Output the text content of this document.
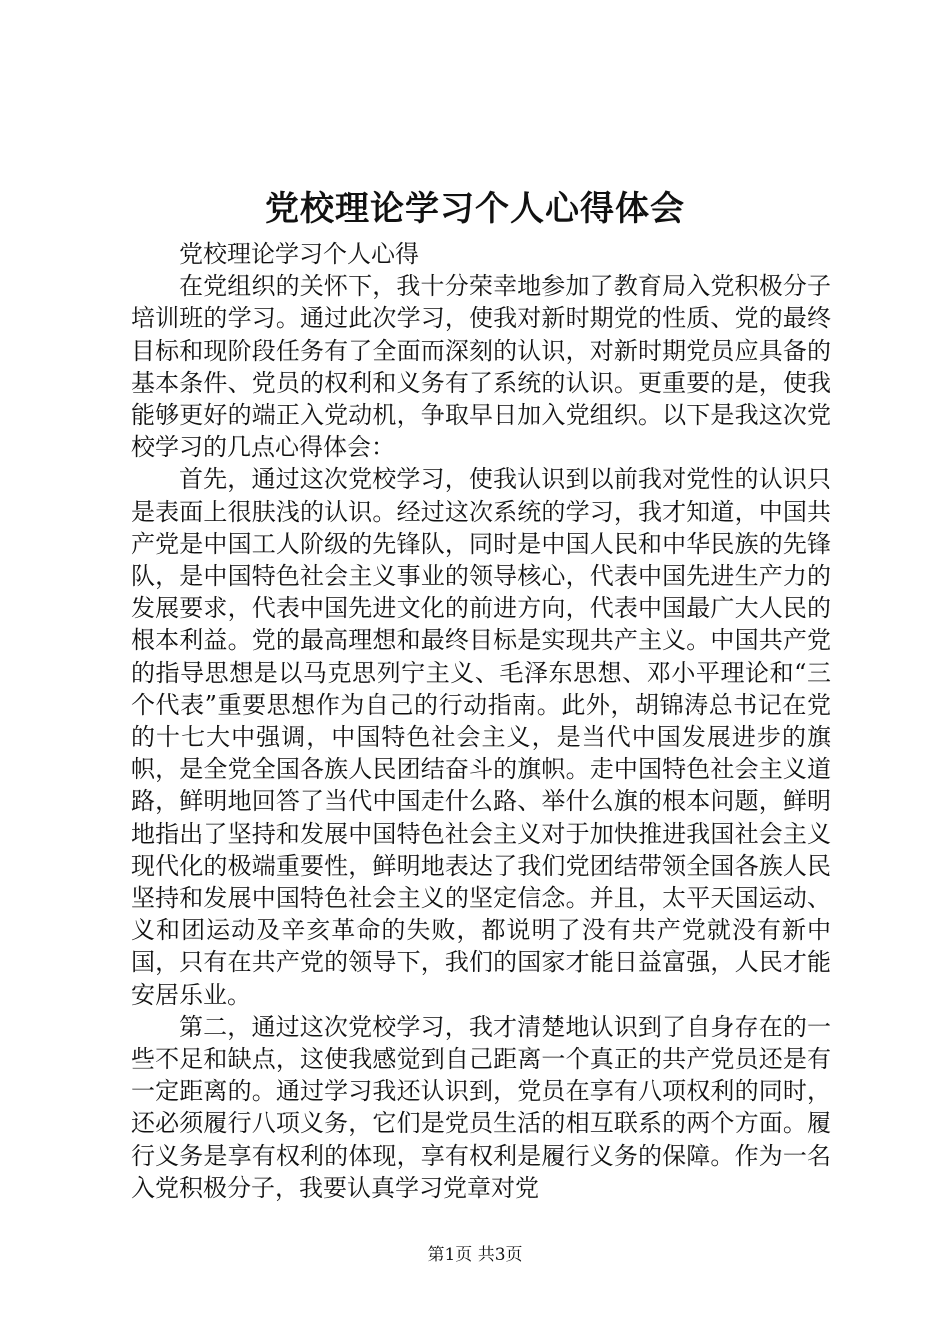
党校理论学习个人心得体会

党校理论学习个人心得

在党组织的关怀下，我十分荣幸地参加了教育局入党积极分子培训班的学习。通过此次学习，使我对新时期党的性质、党的最终目标和现阶段任务有了全面而深刻的认识，对新时期党员应具备的基本条件、党员的权利和义务有了系统的认识。更重要的是，使我能够更好的端正入党动机，争取早日加入党组织。以下是我这次党校学习的几点心得体会：

首先，通过这次党校学习，使我认识到以前我对党性的认识只是表面上很肤浅的认识。经过这次系统的学习，我才知道，中国共产党是中国工人阶级的先锋队，同时是中国人民和中华民族的先锋队，是中国特色社会主义事业的领导核心，代表中国先进生产力的发展要求，代表中国先进文化的前进方向，代表中国最广大人民的根本利益。党的最高理想和最终目标是实现共产主义。中国共产党的指导思想是以马克思列宁主义、毛泽东思想、邓小平理论和“三个代表”重要思想作为自己的行动指南。此外，胡锦涛总书记在党的十七大中强调，中国特色社会主义，是当代中国发展进步的旗帜，是全党全国各族人民团结奋斗的旗帜。走中国特色社会主义道路，鲜明地回答了当代中国走什么路、举什么旗的根本问题，鲜明地指出了坚持和发展中国特色社会主义对于加快推进我国社会主义现代化的极端重要性，鲜明地表达了我们党团结带领全国各族人民坚持和发展中国特色社会主义的坚定信念。并且，太平天国运动、义和团运动及辛亥革命的失败，都说明了没有共产党就没有新中国，只有在共产党的领导下，我们的国家才能日益富强，人民才能安居乐业。

第二，通过这次党校学习，我才清楚地认识到了自身存在的一些不足和缺点，这使我感觉到自己距离一个真正的共产党员还是有一定距离的。通过学习我还认识到，党员在享有八项权利的同时，还必须履行八项义务，它们是党员生活的相互联系的两个方面。履行义务是享有权利的体现，享有权利是履行义务的保障。作为一名入党积极分子，我要认真学习党章对党

第1页 共3页
